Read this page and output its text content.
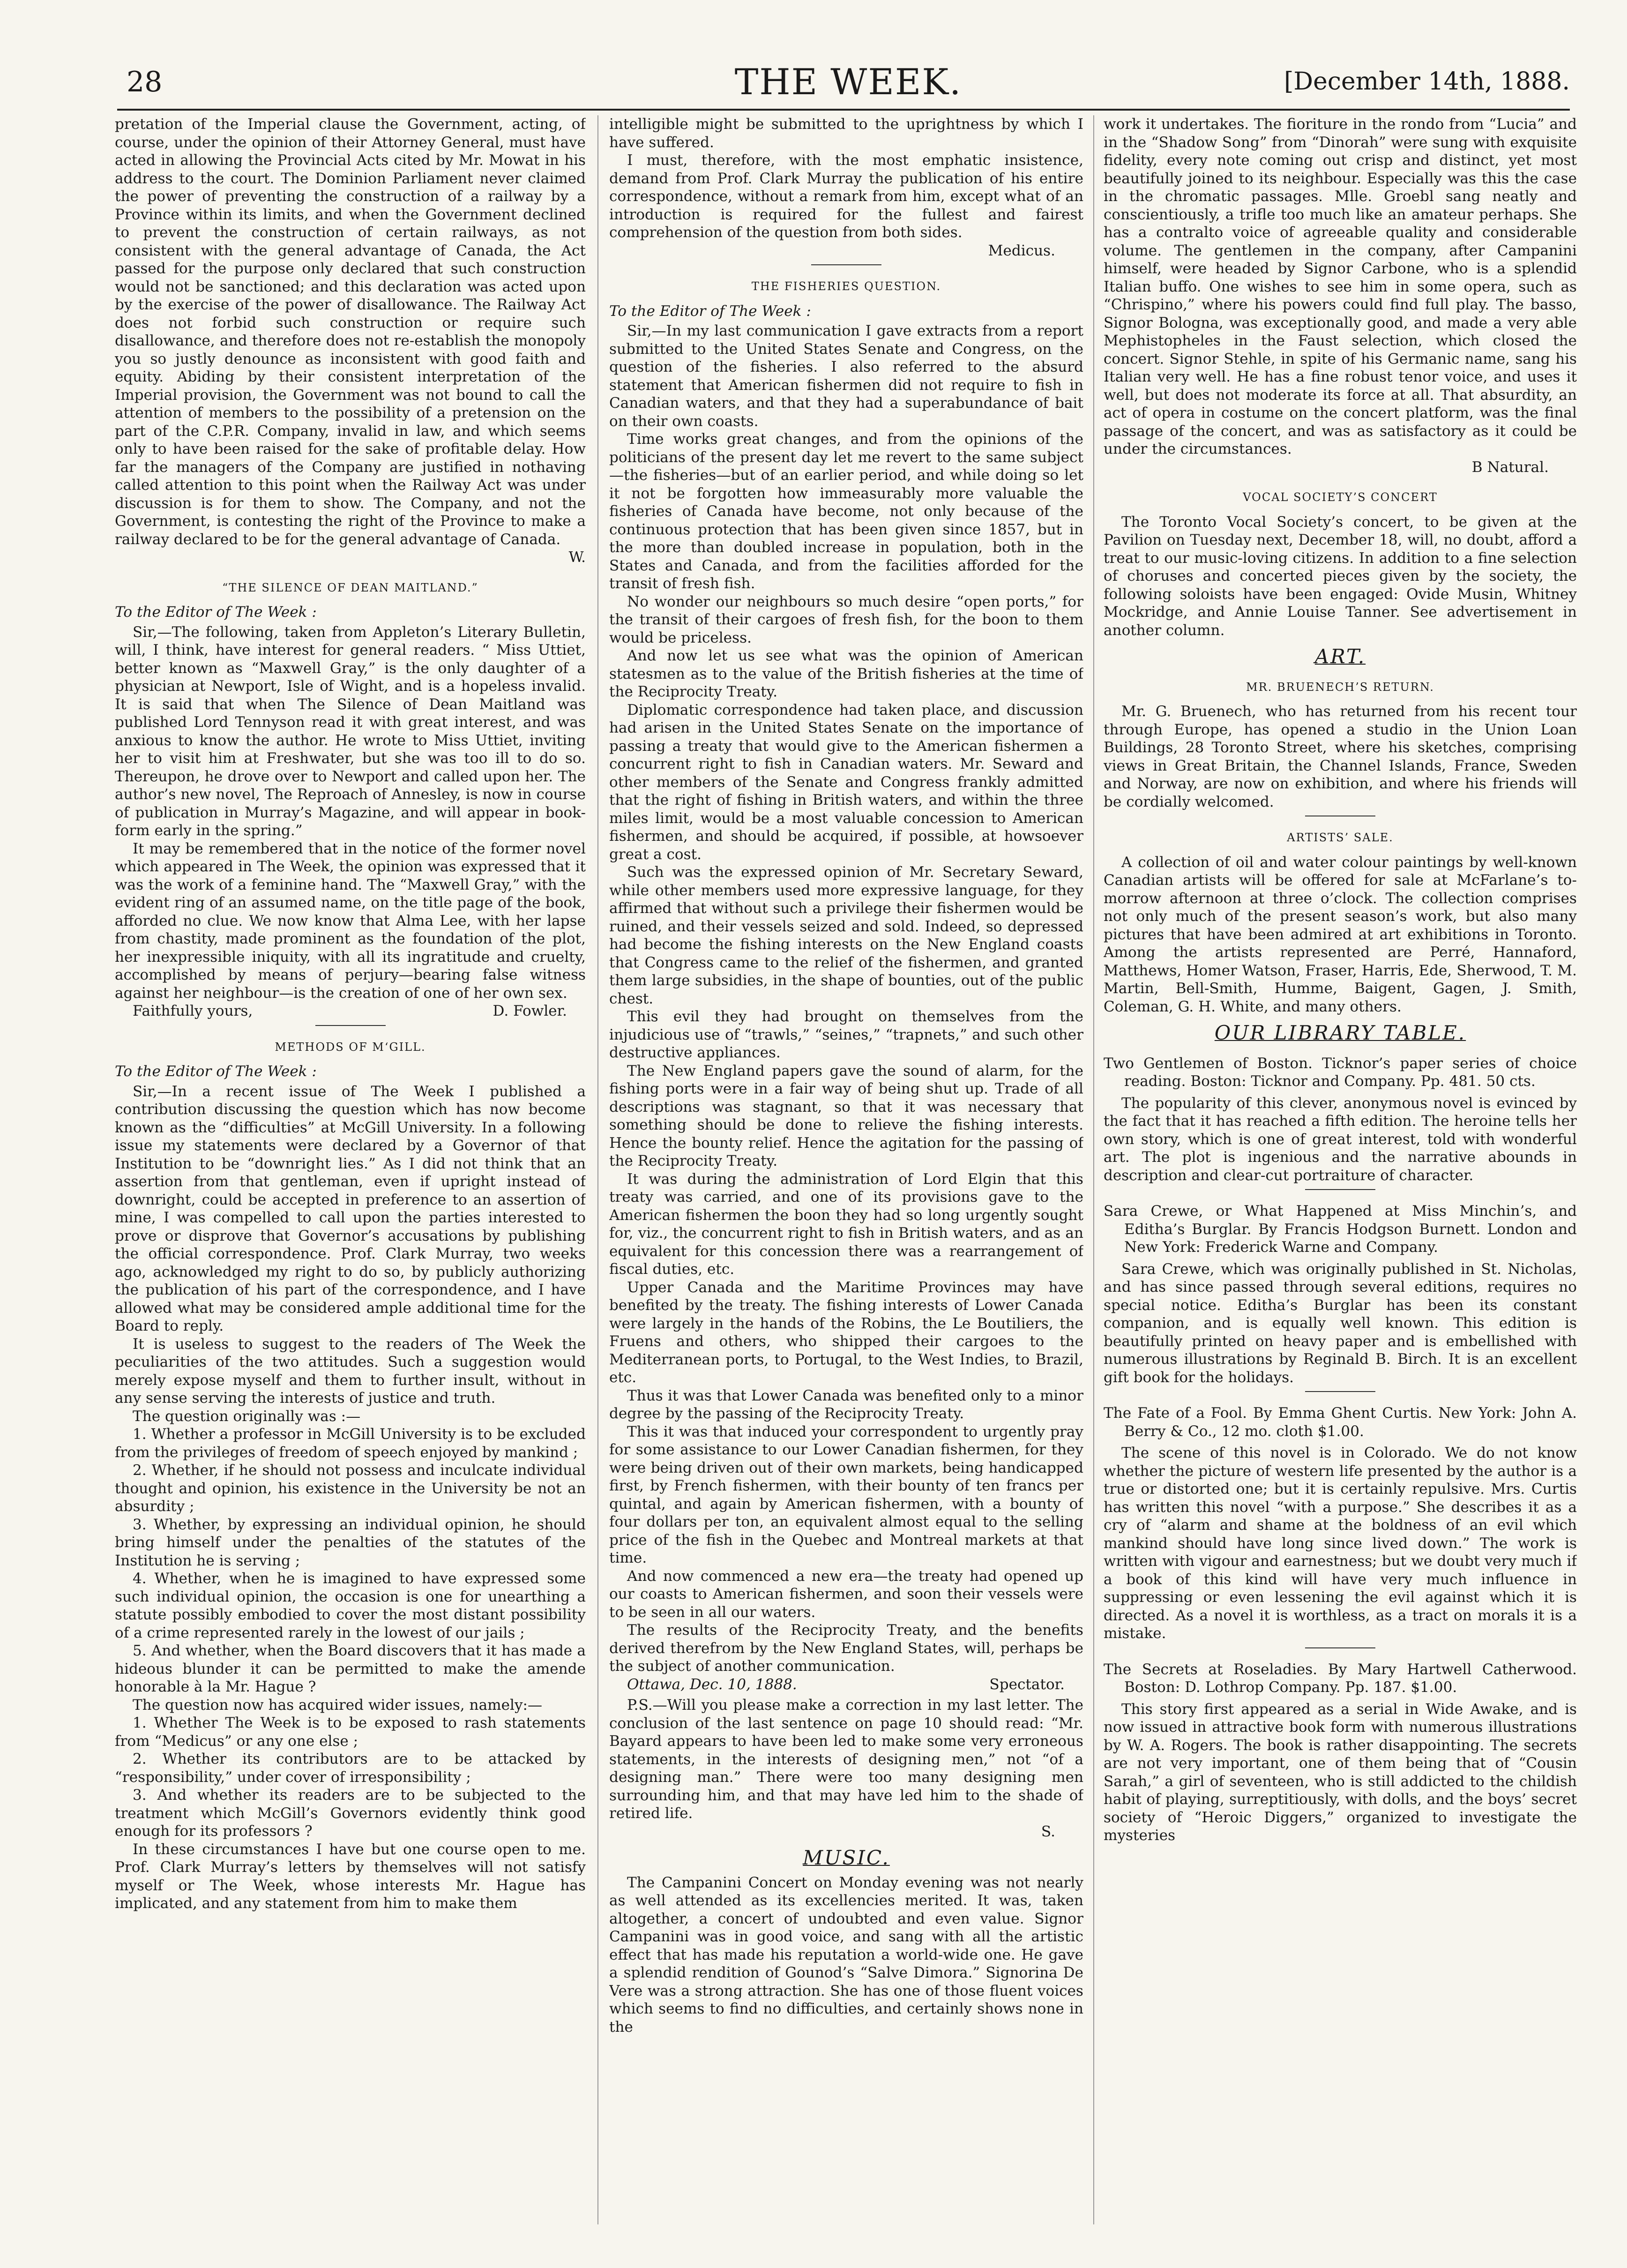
28	THE WEEK.	[December 14th, 1888.

pretation of the Imperial clause the Government, acting, of course, under the opinion of their Attorney General, must have acted in allowing the Provincial Acts cited by Mr. Mowat in his address to the court. The Dominion Parliament never claimed the power of preventing the construction of a railway by a Province within its limits, and when the Government declined to prevent the construction of certain railways, as not consistent with the general advantage of Canada, the Act passed for the purpose only declared that such construction would not be sanctioned; and this declaration was acted upon by the exercise of the power of disallowance. The Railway Act does not forbid such construction or require such disallowance, and therefore does not re-establish the monopoly you so justly denounce as inconsistent with good faith and equity. Abiding by their consistent interpretation of the Imperial provision, the Government was not bound to call the attention of members to the possibility of a pretension on the part of the C.P.R. Company, invalid in law, and which seems only to have been raised for the sake of profitable delay. How far the managers of the Company are justified in nothaving called attention to this point when the Railway Act was under discussion is for them to show. The Company, and not the Government, is contesting the right of the Province to make a railway declared to be for the general advantage of Canada.

W.

“THE SILENCE OF DEAN MAITLAND.”

To the Editor of The Week :

Sir,—The following, taken from Appleton’s Literary Bulletin, will, I think, have interest for general readers. “ Miss Uttiet, better known as “Maxwell Gray,” is the only daughter of a physician at Newport, Isle of Wight, and is a hopeless invalid. It is said that when The Silence of Dean Maitland was published Lord Tennyson read it with great interest, and was anxious to know the author. He wrote to Miss Uttiet, inviting her to visit him at Freshwater, but she was too ill to do so. Thereupon, he drove over to Newport and called upon her. The author’s new novel, The Reproach of Annesley, is now in course of publication in Murray’s Magazine, and will appear in book-form early in the spring.”

It may be remembered that in the notice of the former novel which appeared in The Week, the opinion was expressed that it was the work of a feminine hand. The “Maxwell Gray,” with the evident ring of an assumed name, on the title page of the book, afforded no clue. We now know that Alma Lee, with her lapse from chastity, made prominent as the foundation of the plot, her inexpressible iniquity, with all its ingratitude and cruelty, accomplished by means of perjury—bearing false witness against her neighbour—is the creation of one of her own sex.

Faithfully yours,	D. Fowler.
METHODS OF M‘GILL.

To the Editor of The Week :

Sir,—In a recent issue of The Week I published a contribution discussing the question which has now become known as the “difficulties” at McGill University. In a following issue my statements were declared by a Governor of that Institution to be “downright lies.” As I did not think that an assertion from that gentleman, even if upright instead of downright, could be accepted in preference to an assertion of mine, I was compelled to call upon the parties interested to prove or disprove that Governor’s accusations by publishing the official correspondence. Prof. Clark Murray, two weeks ago, acknowledged my right to do so, by publicly authorizing the publication of his part of the correspondence, and I have allowed what may be considered ample additional time for the Board to reply.

It is useless to suggest to the readers of The Week the peculiarities of the two attitudes. Such a suggestion would merely expose myself and them to further insult, without in any sense serving the interests of justice and truth.

The question originally was :—

1. Whether a professor in McGill University is to be excluded from the privileges of freedom of speech enjoyed by mankind ;

2. Whether, if he should not possess and inculcate individual thought and opinion, his existence in the University be not an absurdity ;

3. Whether, by expressing an individual opinion, he should bring himself under the penalties of the statutes of the Institution he is serving ;

4. Whether, when he is imagined to have expressed some such individual opinion, the occasion is one for unearthing a statute possibly embodied to cover the most distant possibility of a crime represented rarely in the lowest of our jails ;

5. And whether, when the Board discovers that it has made a hideous blunder it can be permitted to make the amende honorable à la Mr. Hague ?

The question now has acquired wider issues, namely:—

1. Whether The Week is to be exposed to rash statements from “Medicus” or any one else ;

2. Whether its contributors are to be attacked by “responsibility,” under cover of irresponsibility ;

3. And whether its readers are to be subjected to the treatment which McGill’s Governors evidently think good enough for its professors ?

In these circumstances I have but one course open to me. Prof. Clark Murray’s letters by themselves will not satisfy myself or The Week, whose interests Mr. Hague has implicated, and any statement from him to make them

intelligible might be submitted to the uprightness by which I have suffered.

I must, therefore, with the most emphatic insistence, demand from Prof. Clark Murray the publication of his entire correspondence, without a remark from him, except what of an introduction is required for the fullest and fairest comprehension of the question from both sides.

Medicus.

THE FISHERIES QUESTION.

To the Editor of The Week :

Sir,—In my last communication I gave extracts from a report submitted to the United States Senate and Congress, on the question of the fisheries. I also referred to the absurd statement that American fishermen did not require to fish in Canadian waters, and that they had a superabundance of bait on their own coasts.

Time works great changes, and from the opinions of the politicians of the present day let me revert to the same subject—the fisheries—but of an earlier period, and while doing so let it not be forgotten how immeasurably more valuable the fisheries of Canada have become, not only because of the continuous protection that has been given since 1857, but in the more than doubled increase in population, both in the States and Canada, and from the facilities afforded for the transit of fresh fish.

No wonder our neighbours so much desire “open ports,” for the transit of their cargoes of fresh fish, for the boon to them would be priceless.

And now let us see what was the opinion of American statesmen as to the value of the British fisheries at the time of the Reciprocity Treaty.

Diplomatic correspondence had taken place, and discussion had arisen in the United States Senate on the importance of passing a treaty that would give to the American fishermen a concurrent right to fish in Canadian waters. Mr. Seward and other members of the Senate and Congress frankly admitted that the right of fishing in British waters, and within the three miles limit, would be a most valuable concession to American fishermen, and should be acquired, if possible, at howsoever great a cost.

Such was the expressed opinion of Mr. Secretary Seward, while other members used more expressive language, for they affirmed that without such a privilege their fishermen would be ruined, and their vessels seized and sold. Indeed, so depressed had become the fishing interests on the New England coasts that Congress came to the relief of the fishermen, and granted them large subsidies, in the shape of bounties, out of the public chest.

This evil they had brought on themselves from the injudicious use of “trawls,” “seines,” “trapnets,” and such other destructive appliances.

The New England papers gave the sound of alarm, for the fishing ports were in a fair way of being shut up. Trade of all descriptions was stagnant, so that it was necessary that something should be done to relieve the fishing interests. Hence the bounty relief. Hence the agitation for the passing of the Reciprocity Treaty.

It was during the administration of Lord Elgin that this treaty was carried, and one of its provisions gave to the American fishermen the boon they had so long urgently sought for, viz., the concurrent right to fish in British waters, and as an equivalent for this concession there was a rearrangement of fiscal duties, etc.

Upper Canada and the Maritime Provinces may have benefited by the treaty. The fishing interests of Lower Canada were largely in the hands of the Robins, the Le Boutiliers, the Fruens and others, who shipped their cargoes to the Mediterranean ports, to Portugal, to the West Indies, to Brazil, etc.

Thus it was that Lower Canada was benefited only to a minor degree by the passing of the Reciprocity Treaty.

This it was that induced your correspondent to urgently pray for some assistance to our Lower Canadian fishermen, for they were being driven out of their own markets, being handicapped first, by French fishermen, with their bounty of ten francs per quintal, and again by American fishermen, with a bounty of four dollars per ton, an equivalent almost equal to the selling price of the fish in the Quebec and Montreal markets at that time.

And now commenced a new era—the treaty had opened up our coasts to American fishermen, and soon their vessels were to be seen in all our waters.

The results of the Reciprocity Treaty, and the benefits derived therefrom by the New England States, will, perhaps be the subject of another communication.

Ottawa, Dec. 10, 1888.	Spectator.

P.S.—Will you please make a correction in my last letter. The conclusion of the last sentence on page 10 should read: “Mr. Bayard appears to have been led to make some very erroneous statements, in the interests of designing men,” not “of a designing man.” There were too many designing men surrounding him, and that may have led him to the shade of retired life.

S.

MUSIC.

The Campanini Concert on Monday evening was not nearly as well attended as its excellencies merited. It was, taken altogether, a concert of undoubted and even value. Signor Campanini was in good voice, and sang with all the artistic effect that has made his reputation a world-wide one. He gave a splendid rendition of Gounod’s “Salve Dimora.” Signorina De Vere was a strong attraction. She has one of those fluent voices which seems to find no difficulties, and certainly shows none in the

work it undertakes. The fioriture in the rondo from “Lucia” and in the “Shadow Song” from “Dinorah” were sung with exquisite fidelity, every note coming out crisp and distinct, yet most beautifully joined to its neighbour. Especially was this the case in the chromatic passages. Mlle. Groebl sang neatly and conscientiously, a trifle too much like an amateur perhaps. She has a contralto voice of agreeable quality and considerable volume. The gentlemen in the company, after Campanini himself, were headed by Signor Carbone, who is a splendid Italian buffo. One wishes to see him in some opera, such as “Chrispino,” where his powers could find full play. The basso, Signor Bologna, was exceptionally good, and made a very able Mephistopheles in the Faust selection, which closed the concert. Signor Stehle, in spite of his Germanic name, sang his Italian very well. He has a fine robust tenor voice, and uses it well, but does not moderate its force at all. That absurdity, an act of opera in costume on the concert platform, was the final passage of the concert, and was as satisfactory as it could be under the circumstances.

B Natural.

VOCAL SOCIETY’S CONCERT

The Toronto Vocal Society’s concert, to be given at the Pavilion on Tuesday next, December 18, will, no doubt, afford a treat to our music-loving citizens. In addition to a fine selection of choruses and concerted pieces given by the society, the following soloists have been engaged: Ovide Musin, Whitney Mockridge, and Annie Louise Tanner. See advertisement in another column.

ART.
MR. BRUENECH’S RETURN.

Mr. G. Bruenech, who has returned from his recent tour through Europe, has opened a studio in the Union Loan Buildings, 28 Toronto Street, where his sketches, comprising views in Great Britain, the Channel Islands, France, Sweden and Norway, are now on exhibition, and where his friends will be cordially welcomed.

ARTISTS’ SALE.

A collection of oil and water colour paintings by well-known Canadian artists will be offered for sale at McFarlane’s to-morrow afternoon at three o’clock. The collection comprises not only much of the present season’s work, but also many pictures that have been admired at art exhibitions in Toronto. Among the artists represented are Perré, Hannaford, Matthews, Homer Watson, Fraser, Harris, Ede, Sherwood, T. M. Martin, Bell-Smith, Humme, Baigent, Gagen, J. Smith, Coleman, G. H. White, and many others.

OUR LIBRARY TABLE.

Two Gentlemen of Boston. Ticknor’s paper series of choice reading. Boston: Ticknor and Company. Pp. 481. 50 cts.

The popularity of this clever, anonymous novel is evinced by the fact that it has reached a fifth edition. The heroine tells her own story, which is one of great interest, told with wonderful art. The plot is ingenious and the narrative abounds in description and clear-cut portraiture of character.

Sara Crewe, or What Happened at Miss Minchin’s, and Editha’s Burglar. By Francis Hodgson Burnett. London and New York: Frederick Warne and Company.

Sara Crewe, which was originally published in St. Nicholas, and has since passed through several editions, requires no special notice. Editha’s Burglar has been its constant companion, and is equally well known. This edition is beautifully printed on heavy paper and is embellished with numerous illustrations by Reginald B. Birch. It is an excellent gift book for the holidays.

The Fate of a Fool. By Emma Ghent Curtis. New York: John A. Berry & Co., 12 mo. cloth $1.00.

The scene of this novel is in Colorado. We do not know whether the picture of western life presented by the author is a true or distorted one; but it is certainly repulsive. Mrs. Curtis has written this novel “with a purpose.” She describes it as a cry of “alarm and shame at the boldness of an evil which mankind should have long since lived down.” The work is written with vigour and earnestness; but we doubt very much if a book of this kind will have very much influence in suppressing or even lessening the evil against which it is directed. As a novel it is worthless, as a tract on morals it is a mistake.

The Secrets at Roseladies. By Mary Hartwell Catherwood. Boston: D. Lothrop Company. Pp. 187. $1.00.

This story first appeared as a serial in Wide Awake, and is now issued in attractive book form with numerous illustrations by W. A. Rogers. The book is rather disappointing. The secrets are not very important, one of them being that of “Cousin Sarah,” a girl of seventeen, who is still addicted to the childish habit of playing, surreptitiously, with dolls, and the boys’ secret society of “Heroic Diggers,” organized to investigate the mysteries
